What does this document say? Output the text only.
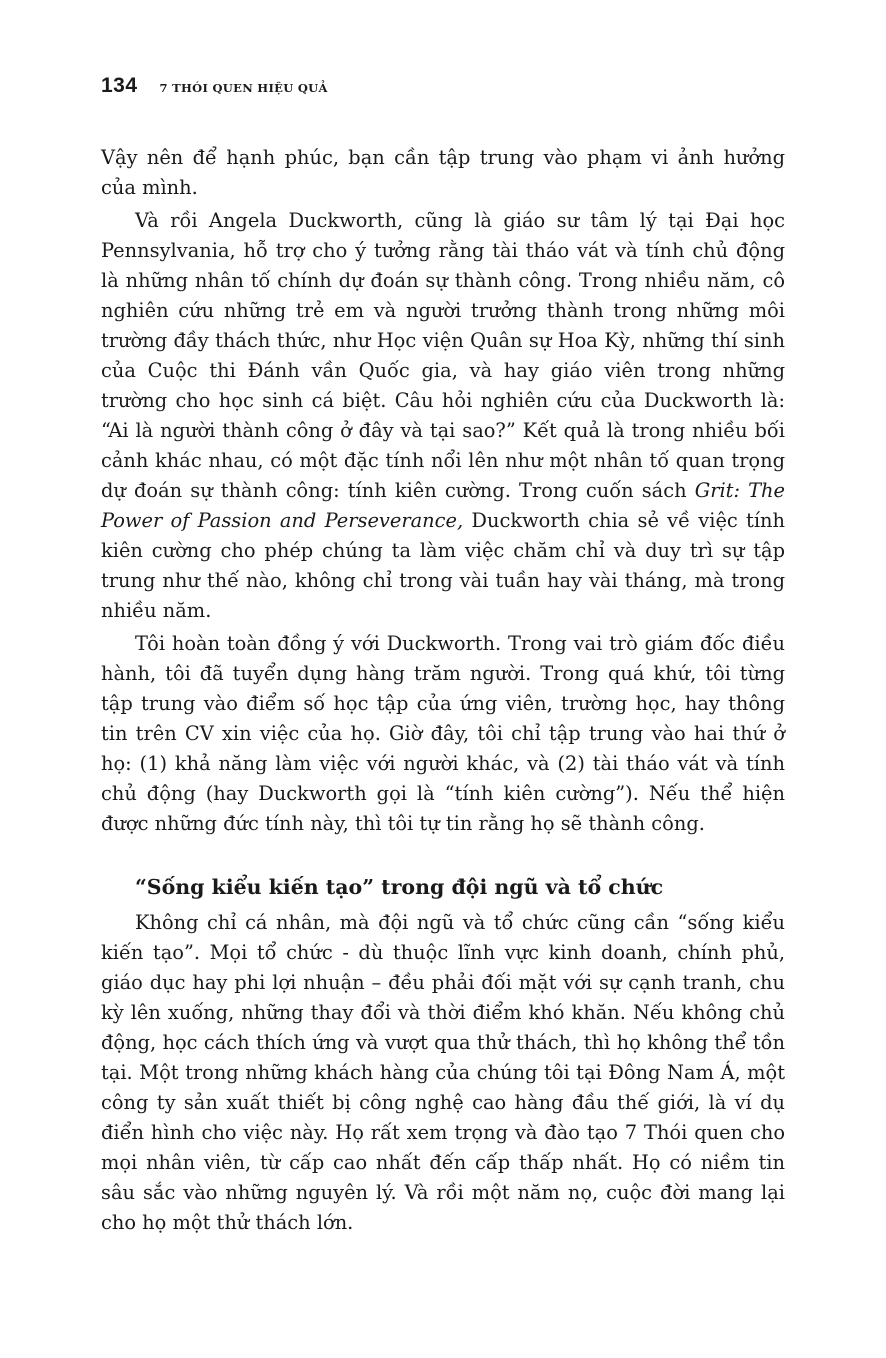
134 7 THÓI QUEN HIỆU QUẢ

Vậy nên để hạnh phúc, bạn cần tập trung vào phạm vi ảnh hưởng của mình.

Và rồi Angela Duckworth, cũng là giáo sư tâm lý tại Đại học Pennsylvania, hỗ trợ cho ý tưởng rằng tài tháo vát và tính chủ động là những nhân tố chính dự đoán sự thành công. Trong nhiều năm, cô nghiên cứu những trẻ em và người trưởng thành trong những môi trường đầy thách thức, như Học viện Quân sự Hoa Kỳ, những thí sinh của Cuộc thi Đánh vần Quốc gia, và hay giáo viên trong những trường cho học sinh cá biệt. Câu hỏi nghiên cứu của Duckworth là: “Ai là người thành công ở đây và tại sao?” Kết quả là trong nhiều bối cảnh khác nhau, có một đặc tính nổi lên như một nhân tố quan trọng dự đoán sự thành công: tính kiên cường. Trong cuốn sách Grit: The Power of Passion and Perseverance, Duckworth chia sẻ về việc tính kiên cường cho phép chúng ta làm việc chăm chỉ và duy trì sự tập trung như thế nào, không chỉ trong vài tuần hay vài tháng, mà trong nhiều năm.

Tôi hoàn toàn đồng ý với Duckworth. Trong vai trò giám đốc điều hành, tôi đã tuyển dụng hàng trăm người. Trong quá khứ, tôi từng tập trung vào điểm số học tập của ứng viên, trường học, hay thông tin trên CV xin việc của họ. Giờ đây, tôi chỉ tập trung vào hai thứ ở họ: (1) khả năng làm việc với người khác, và (2) tài tháo vát và tính chủ động (hay Duckworth gọi là “tính kiên cường”). Nếu thể hiện được những đức tính này, thì tôi tự tin rằng họ sẽ thành công.

“Sống kiểu kiến tạo” trong đội ngũ và tổ chức

Không chỉ cá nhân, mà đội ngũ và tổ chức cũng cần “sống kiểu kiến tạo”. Mọi tổ chức - dù thuộc lĩnh vực kinh doanh, chính phủ, giáo dục hay phi lợi nhuận – đều phải đối mặt với sự cạnh tranh, chu kỳ lên xuống, những thay đổi và thời điểm khó khăn. Nếu không chủ động, học cách thích ứng và vượt qua thử thách, thì họ không thể tồn tại. Một trong những khách hàng của chúng tôi tại Đông Nam Á, một công ty sản xuất thiết bị công nghệ cao hàng đầu thế giới, là ví dụ điển hình cho việc này. Họ rất xem trọng và đào tạo 7 Thói quen cho mọi nhân viên, từ cấp cao nhất đến cấp thấp nhất. Họ có niềm tin sâu sắc vào những nguyên lý. Và rồi một năm nọ, cuộc đời mang lại cho họ một thử thách lớn.
